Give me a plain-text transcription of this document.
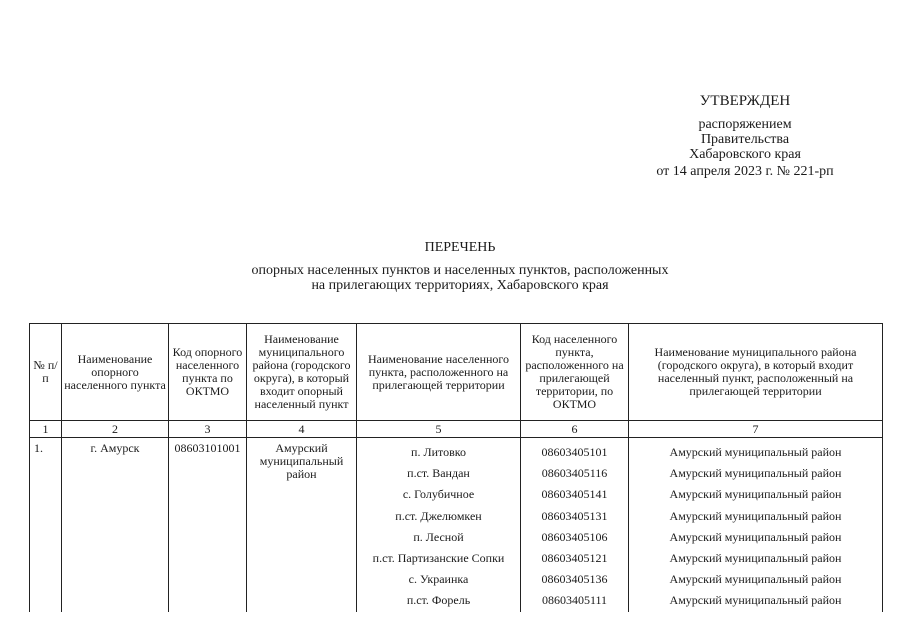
УТВЕРЖДЕН
распоряжением
Правительства
Хабаровского края
от 14 апреля 2023 г. № 221-рп
ПЕРЕЧЕНЬ
опорных населенных пунктов и населенных пунктов, расположенных
на прилегающих территориях, Хабаровского края
№ п/п	Наименование опорного населенного пункта	Код опорного населенного пункта по ОКТМО	Наименование муниципального района (городского округа), в который входит опорный населенный пункт	Наименование населенного пункта, расположенного на прилегающей территории	Код населенного пункта, расположенного на прилегающей территории, по ОКТМО	Наименование муниципального района (городского округа), в который входит населенный пункт, расположенный на прилегающей территории
1	2	3	4	5	6	7
1.	г. Амурск	08603101001	Амурский муниципальный район	п. Литовко	08603405101	Амурский муниципальный район
				п.ст. Вандан	08603405116	Амурский муниципальный район
				с. Голубичное	08603405141	Амурский муниципальный район
				п.ст. Джелюмкен	08603405131	Амурский муниципальный район
				п. Лесной	08603405106	Амурский муниципальный район
				п.ст. Партизанские Сопки	08603405121	Амурский муниципальный район
				с. Украинка	08603405136	Амурский муниципальный район
				п.ст. Форель	08603405111	Амурский муниципальный район
